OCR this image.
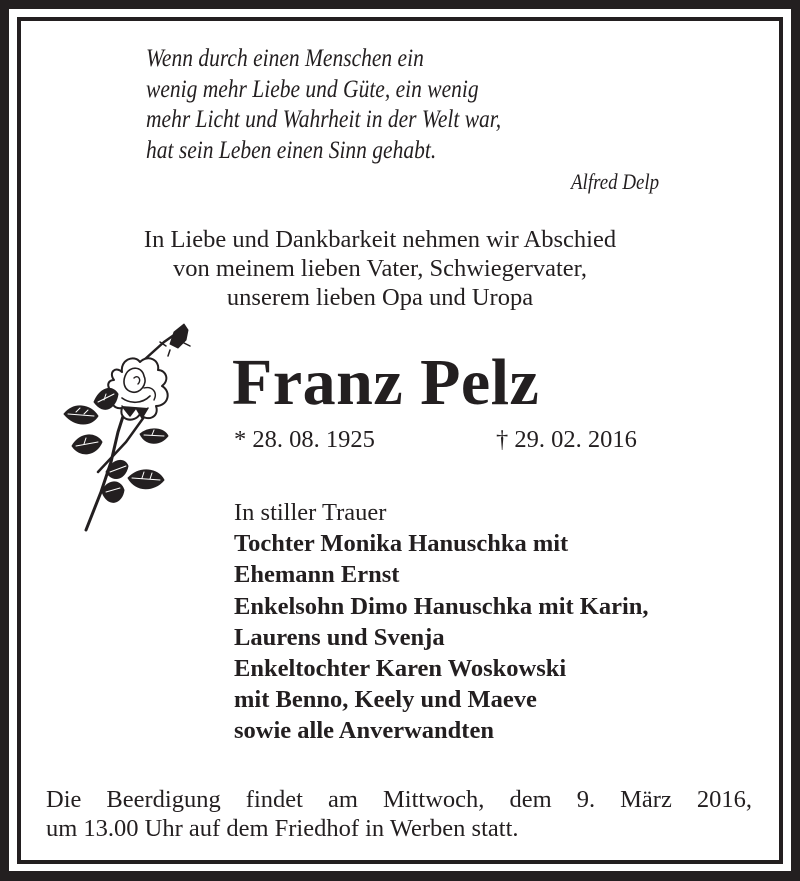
Wenn durch einen Menschen ein
wenig mehr Liebe und Güte, ein wenig
mehr Licht und Wahrheit in der Welt war,
hat sein Leben einen Sinn gehabt.
Alfred Delp
In Liebe und Dankbarkeit nehmen wir Abschied
von meinem lieben Vater, Schwiegervater,
unserem lieben Opa und Uropa
Franz Pelz
* 28. 08. 1925	† 29. 02. 2016
In stiller Trauer
Tochter Monika Hanuschka mit
Ehemann Ernst
Enkelsohn Dimo Hanuschka mit Karin,
Laurens und Svenja
Enkeltochter Karen Woskowski
mit Benno, Keely und Maeve
sowie alle Anverwandten
Die Beerdigung findet am Mittwoch, dem 9. März 2016,
um 13.00 Uhr auf dem Friedhof in Werben statt.
